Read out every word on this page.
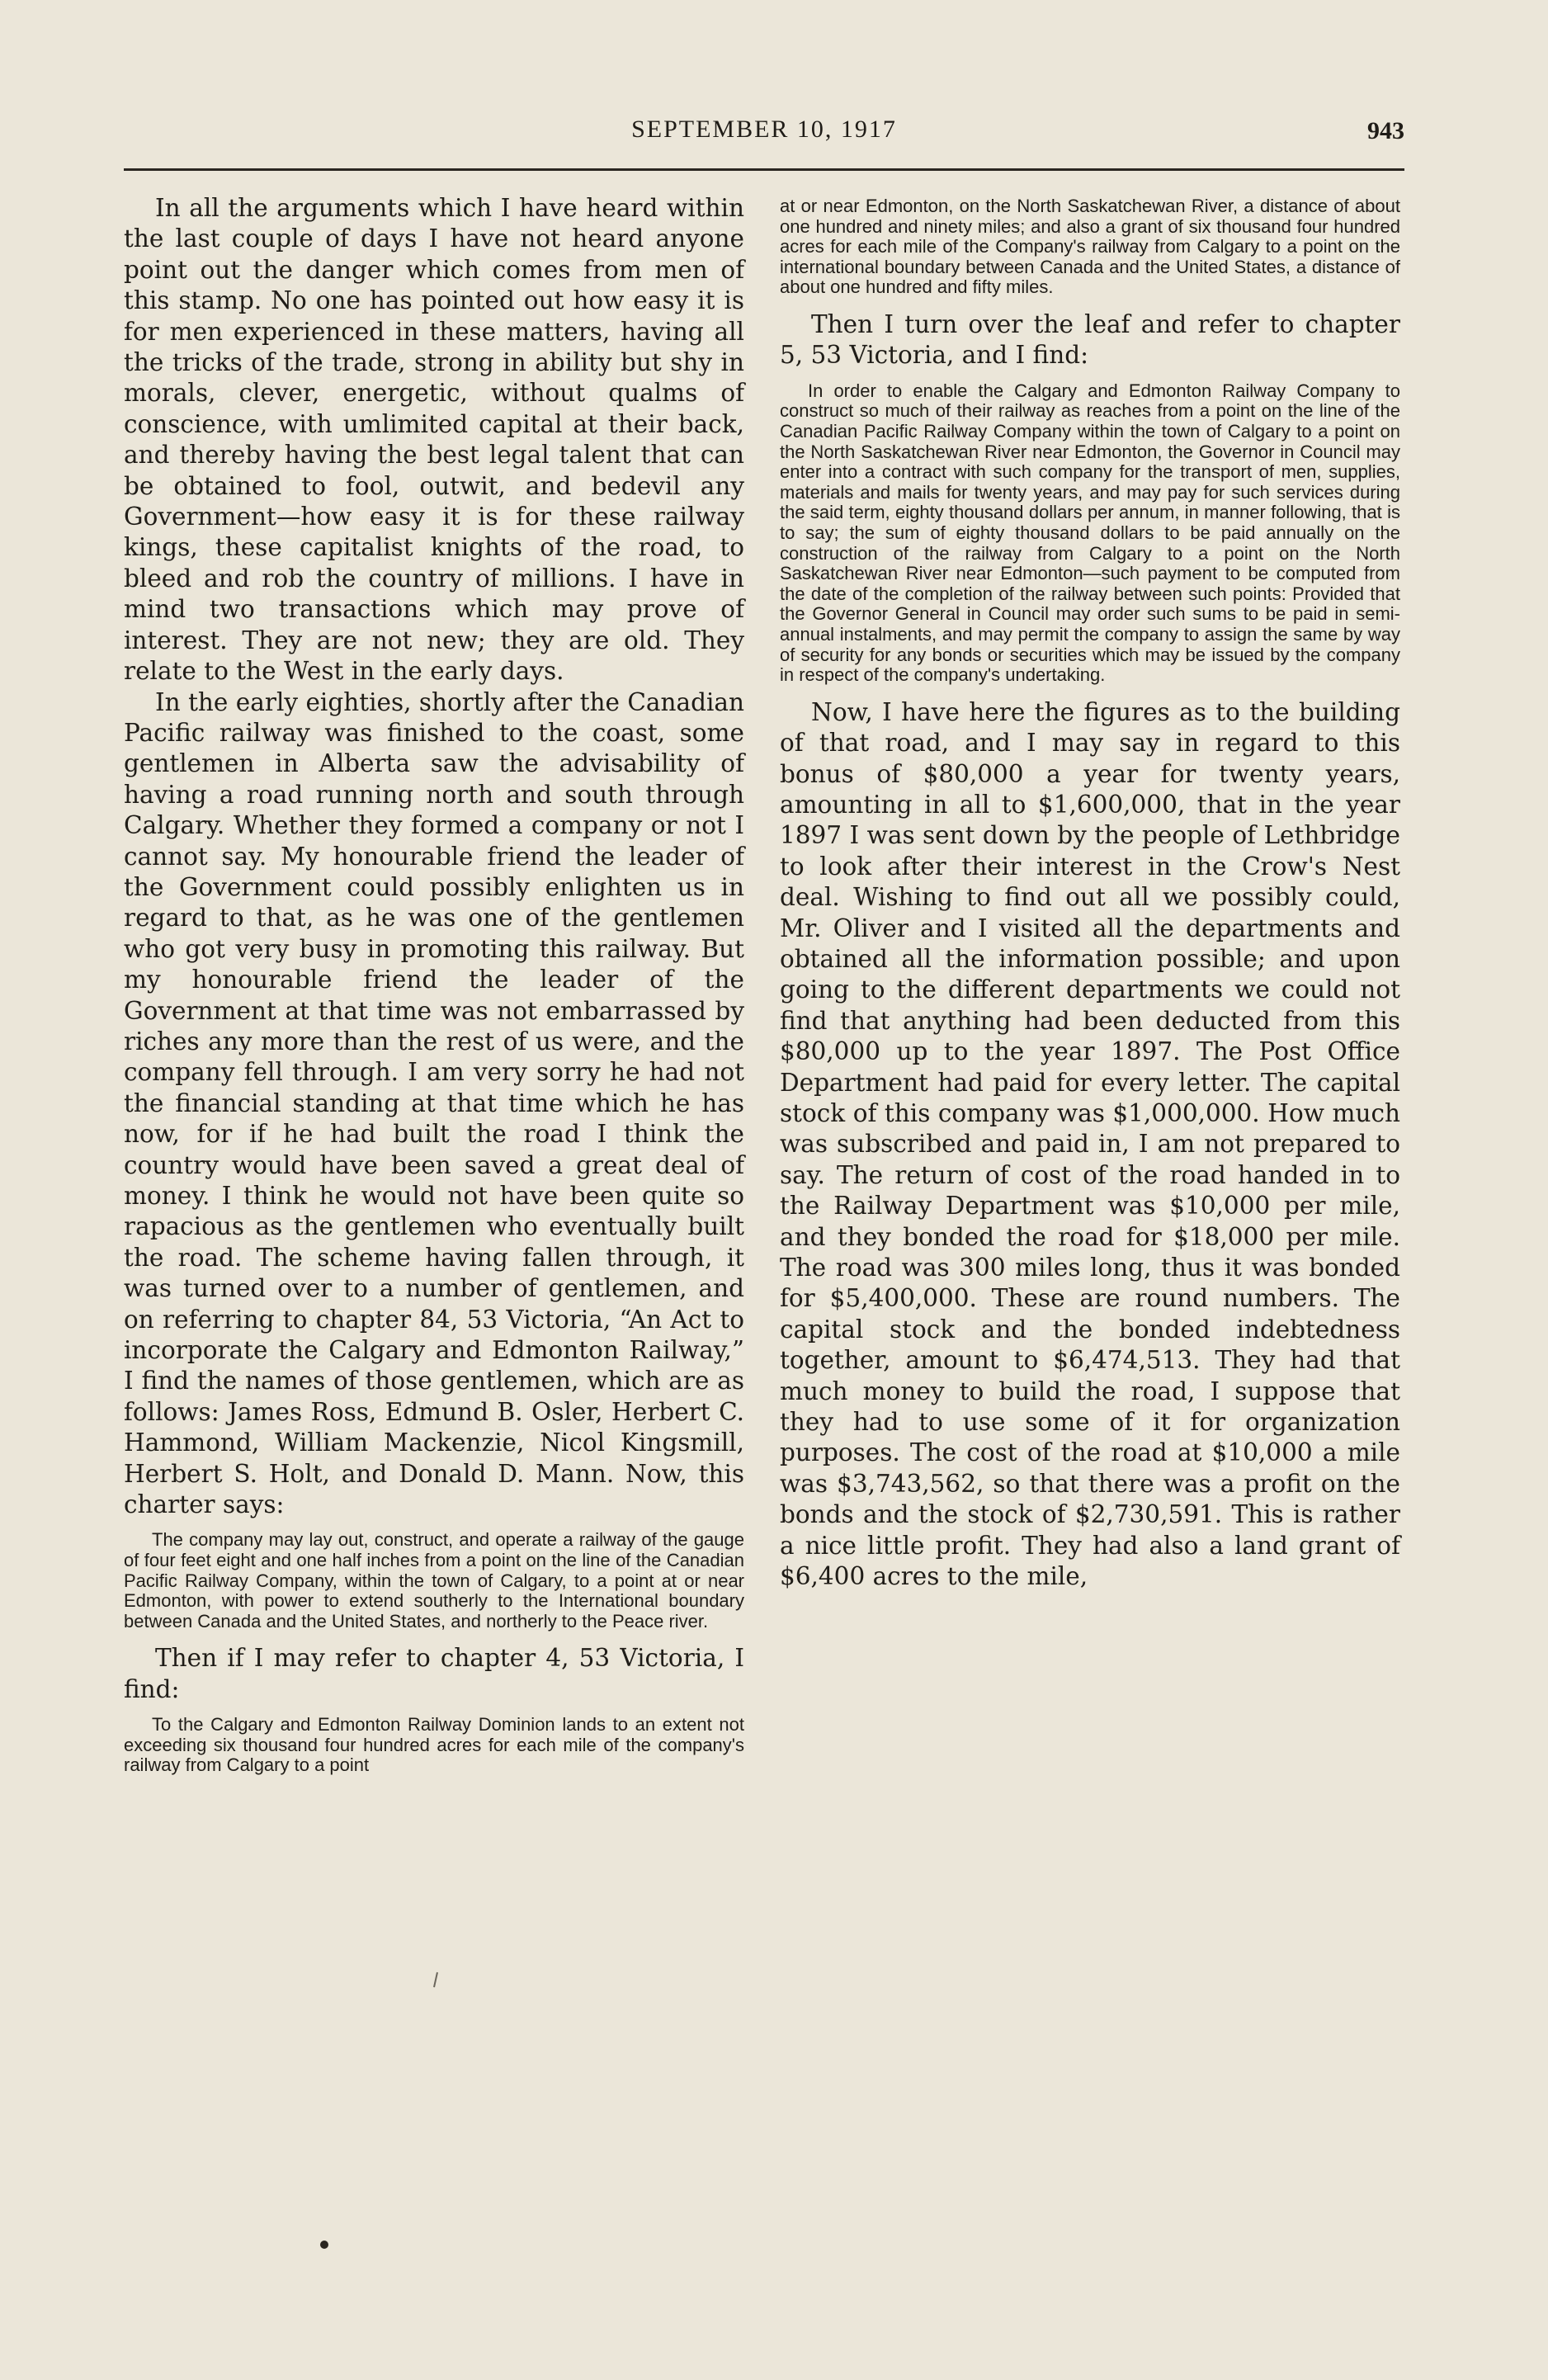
SEPTEMBER 10, 1917	943

In all the arguments which I have heard within the last couple of days I have not heard anyone point out the danger which comes from men of this stamp. No one has pointed out how easy it is for men experienced in these matters, having all the tricks of the trade, strong in ability but shy in morals, clever, energetic, without qualms of conscience, with umlimited capital at their back, and thereby having the best legal talent that can be obtained to fool, outwit, and bedevil any Government—how easy it is for these railway kings, these capitalist knights of the road, to bleed and rob the country of millions. I have in mind two transactions which may prove of interest. They are not new; they are old. They relate to the West in the early days.

In the early eighties, shortly after the Canadian Pacific railway was finished to the coast, some gentlemen in Alberta saw the advisability of having a road running north and south through Calgary. Whether they formed a company or not I cannot say. My honourable friend the leader of the Government could possibly enlighten us in regard to that, as he was one of the gentlemen who got very busy in promoting this railway. But my honourable friend the leader of the Government at that time was not embarrassed by riches any more than the rest of us were, and the company fell through. I am very sorry he had not the financial standing at that time which he has now, for if he had built the road I think the country would have been saved a great deal of money. I think he would not have been quite so rapacious as the gentlemen who eventually built the road. The scheme having fallen through, it was turned over to a number of gentlemen, and on referring to chapter 84, 53 Victoria, “An Act to incorporate the Calgary and Edmonton Railway,” I find the names of those gentlemen, which are as follows: James Ross, Edmund B. Osler, Herbert C. Hammond, William Mackenzie, Nicol Kingsmill, Herbert S. Holt, and Donald D. Mann. Now, this charter says:

The company may lay out, construct, and operate a railway of the gauge of four feet eight and one half inches from a point on the line of the Canadian Pacific Railway Company, within the town of Calgary, to a point at or near Edmonton, with power to extend southerly to the International boundary between Canada and the United States, and northerly to the Peace river.

Then if I may refer to chapter 4, 53 Victoria, I find:

To the Calgary and Edmonton Railway Dominion lands to an extent not exceeding six thousand four hundred acres for each mile of the company's railway from Calgary to a point

at or near Edmonton, on the North Saskatchewan River, a distance of about one hundred and ninety miles; and also a grant of six thousand four hundred acres for each mile of the Company's railway from Calgary to a point on the international boundary between Canada and the United States, a distance of about one hundred and fifty miles.

Then I turn over the leaf and refer to chapter 5, 53 Victoria, and I find:

In order to enable the Calgary and Edmonton Railway Company to construct so much of their railway as reaches from a point on the line of the Canadian Pacific Railway Company within the town of Calgary to a point on the North Saskatchewan River near Edmonton, the Governor in Council may enter into a contract with such company for the transport of men, supplies, materials and mails for twenty years, and may pay for such services during the said term, eighty thousand dollars per annum, in manner following, that is to say; the sum of eighty thousand dollars to be paid annually on the construction of the railway from Calgary to a point on the North Saskatchewan River near Edmonton—such payment to be computed from the date of the completion of the railway between such points: Provided that the Governor General in Council may order such sums to be paid in semi-annual instalments, and may permit the company to assign the same by way of security for any bonds or securities which may be issued by the company in respect of the company's undertaking.

Now, I have here the figures as to the building of that road, and I may say in regard to this bonus of $80,000 a year for twenty years, amounting in all to $1,600,000, that in the year 1897 I was sent down by the people of Lethbridge to look after their interest in the Crow's Nest deal. Wishing to find out all we possibly could, Mr. Oliver and I visited all the departments and obtained all the information possible; and upon going to the different departments we could not find that anything had been deducted from this $80,000 up to the year 1897. The Post Office Department had paid for every letter. The capital stock of this company was $1,000,000. How much was subscribed and paid in, I am not prepared to say. The return of cost of the road handed in to the Railway Department was $10,000 per mile, and they bonded the road for $18,000 per mile. The road was 300 miles long, thus it was bonded for $5,400,000. These are round numbers. The capital stock and the bonded indebtedness together, amount to $6,474,513. They had that much money to build the road, I suppose that they had to use some of it for organization purposes. The cost of the road at $10,000 a mile was $3,743,562, so that there was a profit on the bonds and the stock of $2,730,591. This is rather a nice little profit. They had also a land grant of $6,400 acres to the mile,
